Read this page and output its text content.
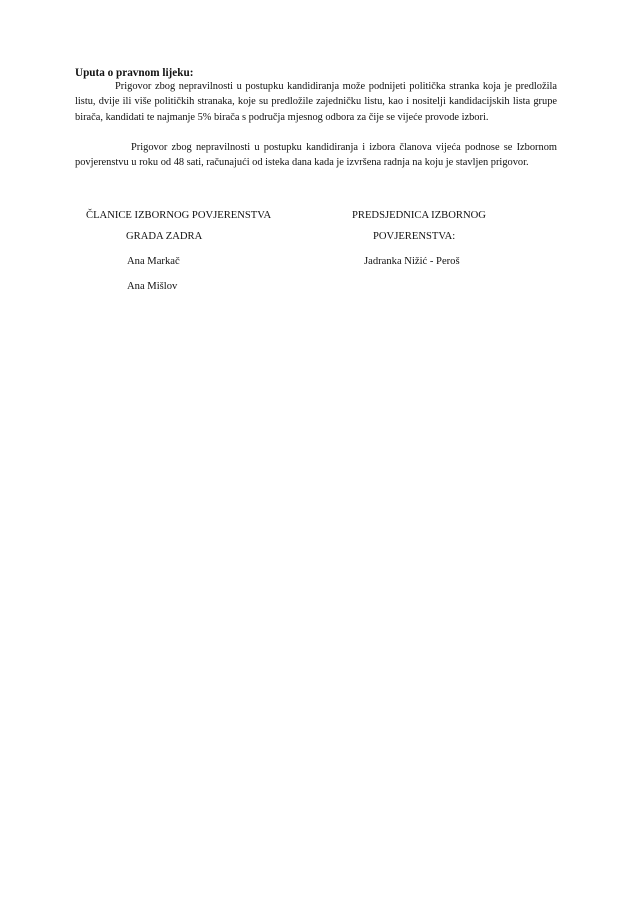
Uputa o pravnom lijeku:
Prigovor zbog nepravilnosti u postupku kandidiranja može podnijeti politička stranka koja je predložila listu, dvije ili više političkih stranaka, koje su predložile zajedničku listu, kao i nositelji kandidacijskih lista grupe birača, kandidati te najmanje 5% birača s područja mjesnog odbora za čije se vijeće provode izbori.
Prigovor zbog nepravilnosti u postupku kandidiranja i izbora članova vijeća podnose se Izbornom povjerenstvu u roku od 48 sati, računajući od isteka dana kada je izvršena radnja na koju je stavljen prigovor.
ČLANICE IZBORNOG POVJERENSTVA
GRADA ZADRA
Ana Markač
Ana Mišlov
PREDSJEDNICA IZBORNOG
POVJERENSTVA:
Jadranka Nižić - Peroš
